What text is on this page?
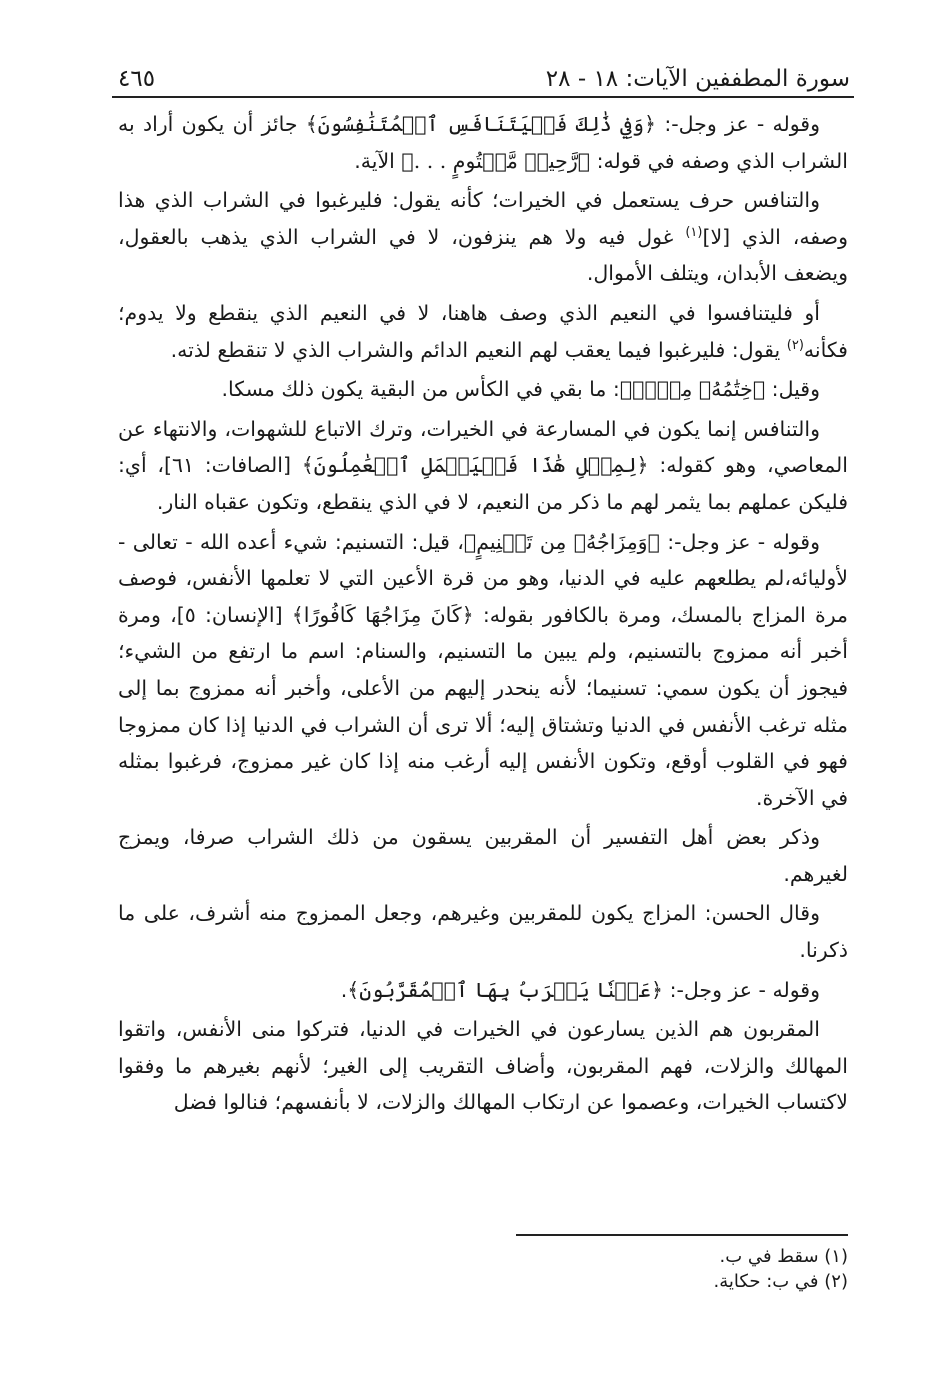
سورة المطففين الآيات: ١٨ - ٢٨
٤٦٥

وقوله - عز وجل-: ﴿وَفِي ذَٰلِكَ فَلۡيَتَنَافَسِ ٱلۡمُتَنَٰفِسُونَ﴾ جائز أن يكون أراد به الشراب الذي وصفه في قوله: ﴿رَّحِيقٖ مَّخۡتُومٍ . . .﴾ الآية.

والتنافس حرف يستعمل في الخيرات؛ كأنه يقول: فليرغبوا في الشراب الذي هذا وصفه، الذي [لا]$^{(١)}$ غول فيه ولا هم ينزفون، لا في الشراب الذي يذهب بالعقول، ويضعف الأبدان، ويتلف الأموال.

أو فليتنافسوا في النعيم الذي وصف هاهنا، لا في النعيم الذي ينقطع ولا يدوم؛ فكأنه$^{(٢)}$ يقول: فليرغبوا فيما يعقب لهم النعيم الدائم والشراب الذي لا تنقطع لذته.

وقيل: ﴿خِتَٰمُهُۥ مِسۡكٞ﴾: ما بقي في الكأس من البقية يكون ذلك مسكا.

والتنافس إنما يكون في المسارعة في الخيرات، وترك الاتباع للشهوات، والانتهاء عن المعاصي، وهو كقوله: ﴿لِمِثۡلِ هَٰذَا فَلۡيَعۡمَلِ ٱلۡعَٰمِلُونَ﴾ [الصافات: ٦١]، أي: فليكن عملهم بما يثمر لهم ما ذكر من النعيم، لا في الذي ينقطع، وتكون عقباه النار.

وقوله - عز وجل-: ﴿وَمِزَاجُهُۥ مِن تَسۡنِيمٍ﴾، قيل: التسنيم: شيء أعده الله - تعالى - لأوليائه،لم يطلعهم عليه في الدنيا، وهو من قرة الأعين التي لا تعلمها الأنفس، فوصف مرة المزاج بالمسك، ومرة بالكافور بقوله: ﴿كَانَ مِزَاجُهَا كَافُورًا﴾ [الإنسان: ٥]، ومرة أخبر أنه ممزوج بالتسنيم، ولم يبين ما التسنيم، والسنام: اسم ما ارتفع من الشيء؛ فيجوز أن يكون سمي: تسنيما؛ لأنه ينحدر إليهم من الأعلى، وأخبر أنه ممزوج بما إلى مثله ترغب الأنفس في الدنيا وتشتاق إليه؛ ألا ترى أن الشراب في الدنيا إذا كان ممزوجا فهو في القلوب أوقع، وتكون الأنفس إليه أرغب منه إذا كان غير ممزوج، فرغبوا بمثله في الآخرة.

وذكر بعض أهل التفسير أن المقربين يسقون من ذلك الشراب صرفا، ويمزج لغيرهم.

وقال الحسن: المزاج يكون للمقربين وغيرهم، وجعل الممزوج منه أشرف، على ما ذكرنا.

وقوله - عز وجل-: ﴿عَيۡنٗا يَشۡرَبُ بِهَا ٱلۡمُقَرَّبُونَ﴾.

المقربون هم الذين يسارعون في الخيرات في الدنيا، فتركوا منى الأنفس، واتقوا المهالك والزلات، فهم المقربون، وأضاف التقريب إلى الغير؛ لأنهم بغيرهم ما وفقوا لاكتساب الخيرات، وعصموا عن ارتكاب المهالك والزلات، لا بأنفسهم؛ فنالوا فضل

(١) سقط في ب.

(٢) في ب: حكاية.
